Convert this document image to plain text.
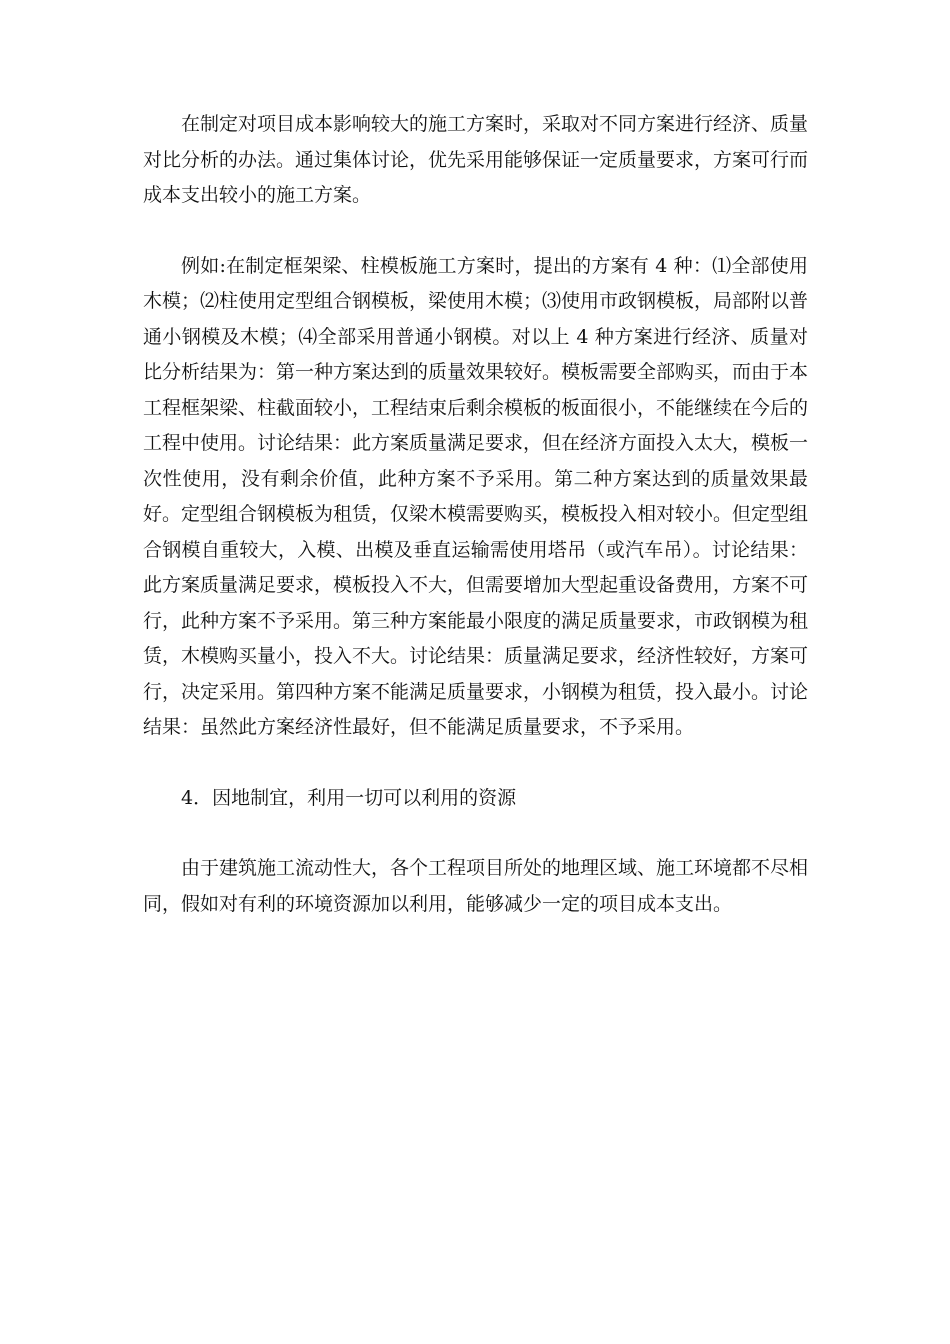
在制定对项目成本影响较大的施工方案时，采取对不同方案进行经济、质量对比分析的办法。通过集体讨论，优先采用能够保证一定质量要求，方案可行而成本支出较小的施工方案。

例如:在制定框架梁、柱模板施工方案时，提出的方案有 4 种：⑴全部使用木模；⑵柱使用定型组合钢模板，梁使用木模；⑶使用市政钢模板，局部附以普通小钢模及木模；⑷全部采用普通小钢模。对以上 4 种方案进行经济、质量对比分析结果为：第一种方案达到的质量效果较好。模板需要全部购买，而由于本工程框架梁、柱截面较小，工程结束后剩余模板的板面很小，不能继续在今后的工程中使用。讨论结果：此方案质量满足要求，但在经济方面投入太大，模板一次性使用，没有剩余价值，此种方案不予采用。第二种方案达到的质量效果最好。定型组合钢模板为租赁，仅梁木模需要购买，模板投入相对较小。但定型组合钢模自重较大，入模、出模及垂直运输需使用塔吊（或汽车吊）。讨论结果：此方案质量满足要求，模板投入不大，但需要增加大型起重设备费用，方案不可行，此种方案不予采用。第三种方案能最小限度的满足质量要求，市政钢模为租赁，木模购买量小，投入不大。讨论结果：质量满足要求，经济性较好，方案可行，决定采用。第四种方案不能满足质量要求，小钢模为租赁，投入最小。讨论结果：虽然此方案经济性最好，但不能满足质量要求，不予采用。

4．因地制宜，利用一切可以利用的资源

由于建筑施工流动性大，各个工程项目所处的地理区域、施工环境都不尽相同，假如对有利的环境资源加以利用，能够减少一定的项目成本支出。
